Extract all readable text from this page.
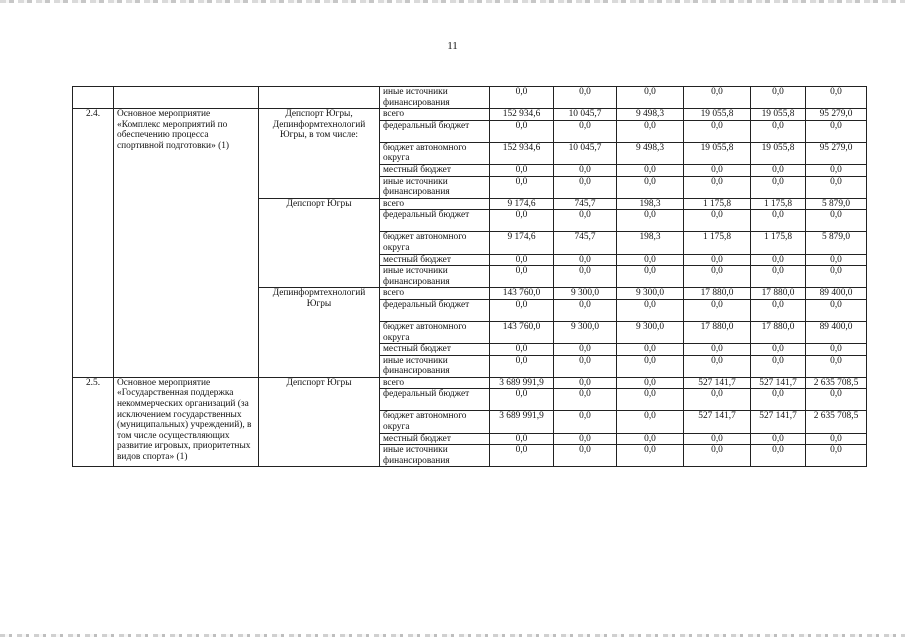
11
			иные источники финансирования	0,0	0,0	0,0	0,0	0,0	0,0
2.4.	Основное мероприятие «Комплекс мероприятий по обеспечению процесса спортивной подготовки» (1)	Депспорт Югры, Депинформтехнологий Югры, в том числе:	всего	152 934,6	10 045,7	9 498,3	19 055,8	19 055,8	95 279,0
			федеральный бюджет	0,0	0,0	0,0	0,0	0,0	0,0
			бюджет автономного округа	152 934,6	10 045,7	9 498,3	19 055,8	19 055,8	95 279,0
			местный бюджет	0,0	0,0	0,0	0,0	0,0	0,0
			иные источники финансирования	0,0	0,0	0,0	0,0	0,0	0,0
		Депспорт Югры	всего	9 174,6	745,7	198,3	1 175,8	1 175,8	5 879,0
			федеральный бюджет	0,0	0,0	0,0	0,0	0,0	0,0
			бюджет автономного округа	9 174,6	745,7	198,3	1 175,8	1 175,8	5 879,0
			местный бюджет	0,0	0,0	0,0	0,0	0,0	0,0
			иные источники финансирования	0,0	0,0	0,0	0,0	0,0	0,0
		Депинформтехнологий Югры	всего	143 760,0	9 300,0	9 300,0	17 880,0	17 880,0	89 400,0
			федеральный бюджет	0,0	0,0	0,0	0,0	0,0	0,0
			бюджет автономного округа	143 760,0	9 300,0	9 300,0	17 880,0	17 880,0	89 400,0
			местный бюджет	0,0	0,0	0,0	0,0	0,0	0,0
			иные источники финансирования	0,0	0,0	0,0	0,0	0,0	0,0
2.5.	Основное мероприятие «Государственная поддержка некоммерческих организаций (за исключением государственных (муниципальных) учреждений), в том числе осуществляющих развитие игровых, приоритетных видов спорта» (1)	Депспорт Югры	всего	3 689 991,9	0,0	0,0	527 141,7	527 141,7	2 635 708,5
			федеральный бюджет	0,0	0,0	0,0	0,0	0,0	0,0
			бюджет автономного округа	3 689 991,9	0,0	0,0	527 141,7	527 141,7	2 635 708,5
			местный бюджет	0,0	0,0	0,0	0,0	0,0	0,0
			иные источники финансирования	0,0	0,0	0,0	0,0	0,0	0,0
